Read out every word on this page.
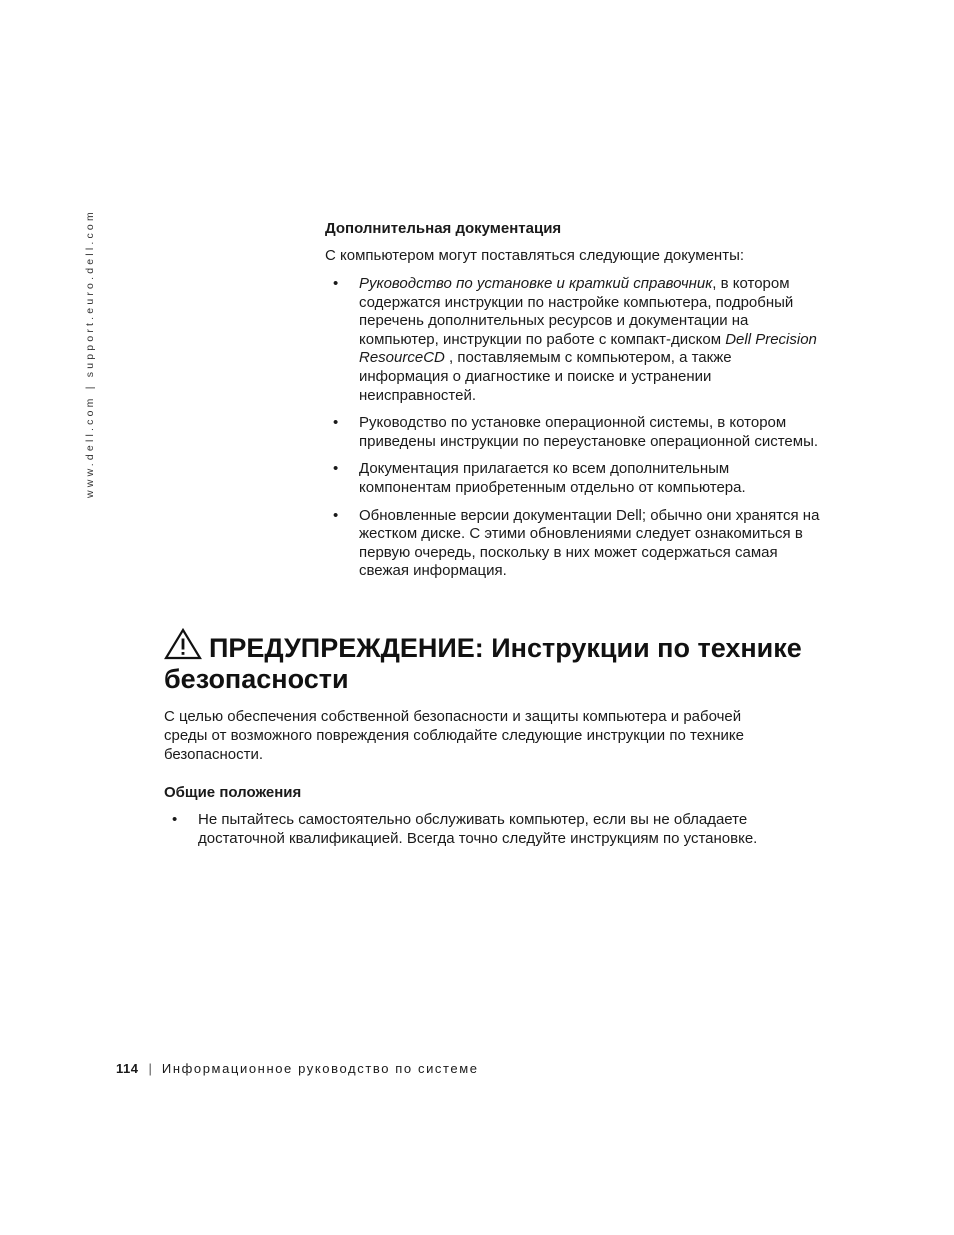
www.dell.com | support.euro.dell.com	Дополнительная документация

С компьютером могут поставляться следующие документы:

• Руководство по установке и краткий справочник, в котором содержатся инструкции по настройке компьютера, подробный перечень дополнительных ресурсов и документации на компьютер, инструкции по работе с компакт-диском Dell Precision ResourceCD , поставляемым с компьютером, а также информация о диагностике и поиске и устранении неисправностей.
• Руководство по установке операционной системы, в котором приведены инструкции по переустановке операционной системы.
• Документация прилагается ко всем дополнительным компонентам приобретенным отдельно от компьютера.
• Обновленные версии документации Dell; обычно они хранятся на жестком диске. С этими обновлениями следует ознакомиться в первую очередь, поскольку в них может содержаться самая свежая информация.
ПРЕДУПРЕЖДЕНИЕ: Инструкции по технике безопасности

С целью обеспечения собственной безопасности и защиты компьютера и рабочей среды от возможного повреждения соблюдайте следующие инструкции по технике безопасности.

Общие положения
• Не пытайтесь самостоятельно обслуживать компьютер, если вы не обладаете достаточной квалификацией. Всегда точно следуйте инструкциям по установке.
114 | Информационное руководство по системе
